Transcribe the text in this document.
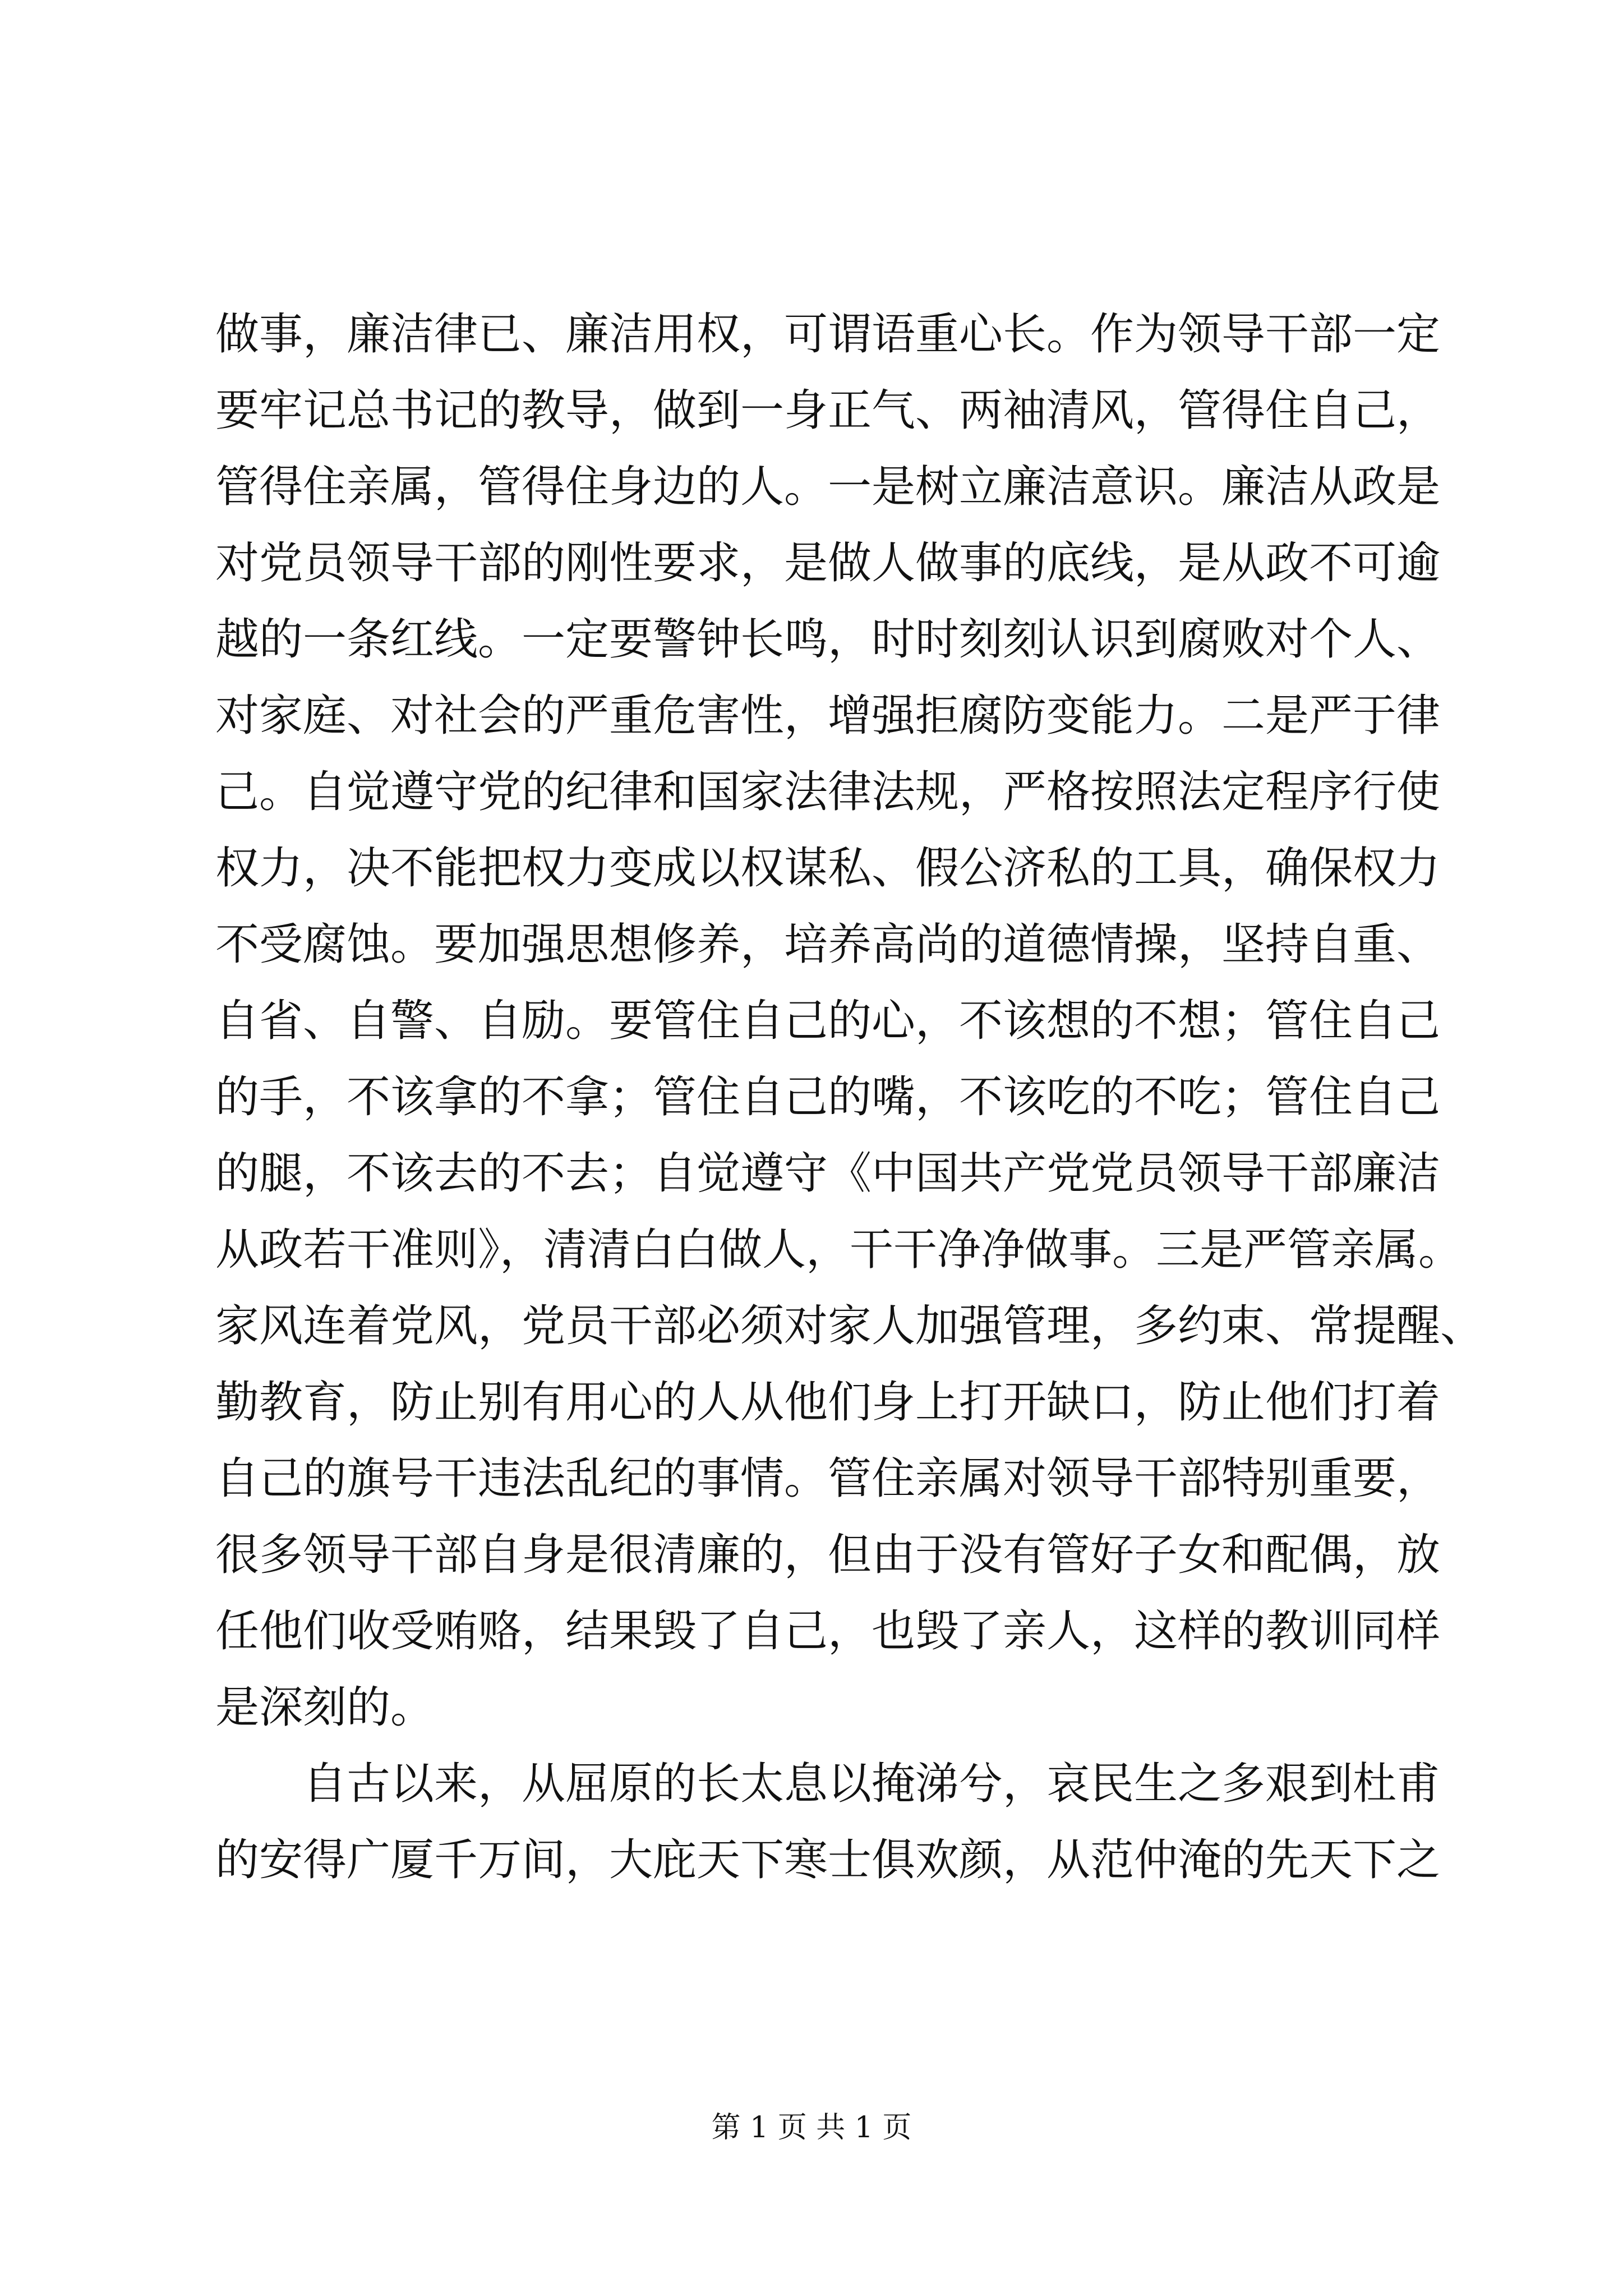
做事，廉洁律已、廉洁用权，可谓语重心长。作为领导干部一定
要牢记总书记的教导，做到一身正气、两袖清风，管得住自己，
管得住亲属，管得住身边的人。一是树立廉洁意识。廉洁从政是
对党员领导干部的刚性要求，是做人做事的底线，是从政不可逾
越的一条红线。一定要警钟长鸣，时时刻刻认识到腐败对个人、
对家庭、对社会的严重危害性，增强拒腐防变能力。二是严于律
己。自觉遵守党的纪律和国家法律法规，严格按照法定程序行使
权力，决不能把权力变成以权谋私、假公济私的工具，确保权力
不受腐蚀。要加强思想修养，培养高尚的道德情操，坚持自重、
自省、自警、自励。要管住自己的心，不该想的不想；管住自己
的手，不该拿的不拿；管住自己的嘴，不该吃的不吃；管住自己
的腿，不该去的不去；自觉遵守《中国共产党党员领导干部廉洁
从政若干准则》，清清白白做人，干干净净做事。三是严管亲属。
家风连着党风，党员干部必须对家人加强管理，多约束、常提醒、
勤教育，防止别有用心的人从他们身上打开缺口，防止他们打着
自己的旗号干违法乱纪的事情。管住亲属对领导干部特别重要，
很多领导干部自身是很清廉的，但由于没有管好子女和配偶，放
任他们收受贿赂，结果毁了自己，也毁了亲人，这样的教训同样
是深刻的。
自古以来，从屈原的长太息以掩涕兮，哀民生之多艰到杜甫
的安得广厦千万间，大庇天下寒士俱欢颜，从范仲淹的先天下之
第 1 页 共 1 页
